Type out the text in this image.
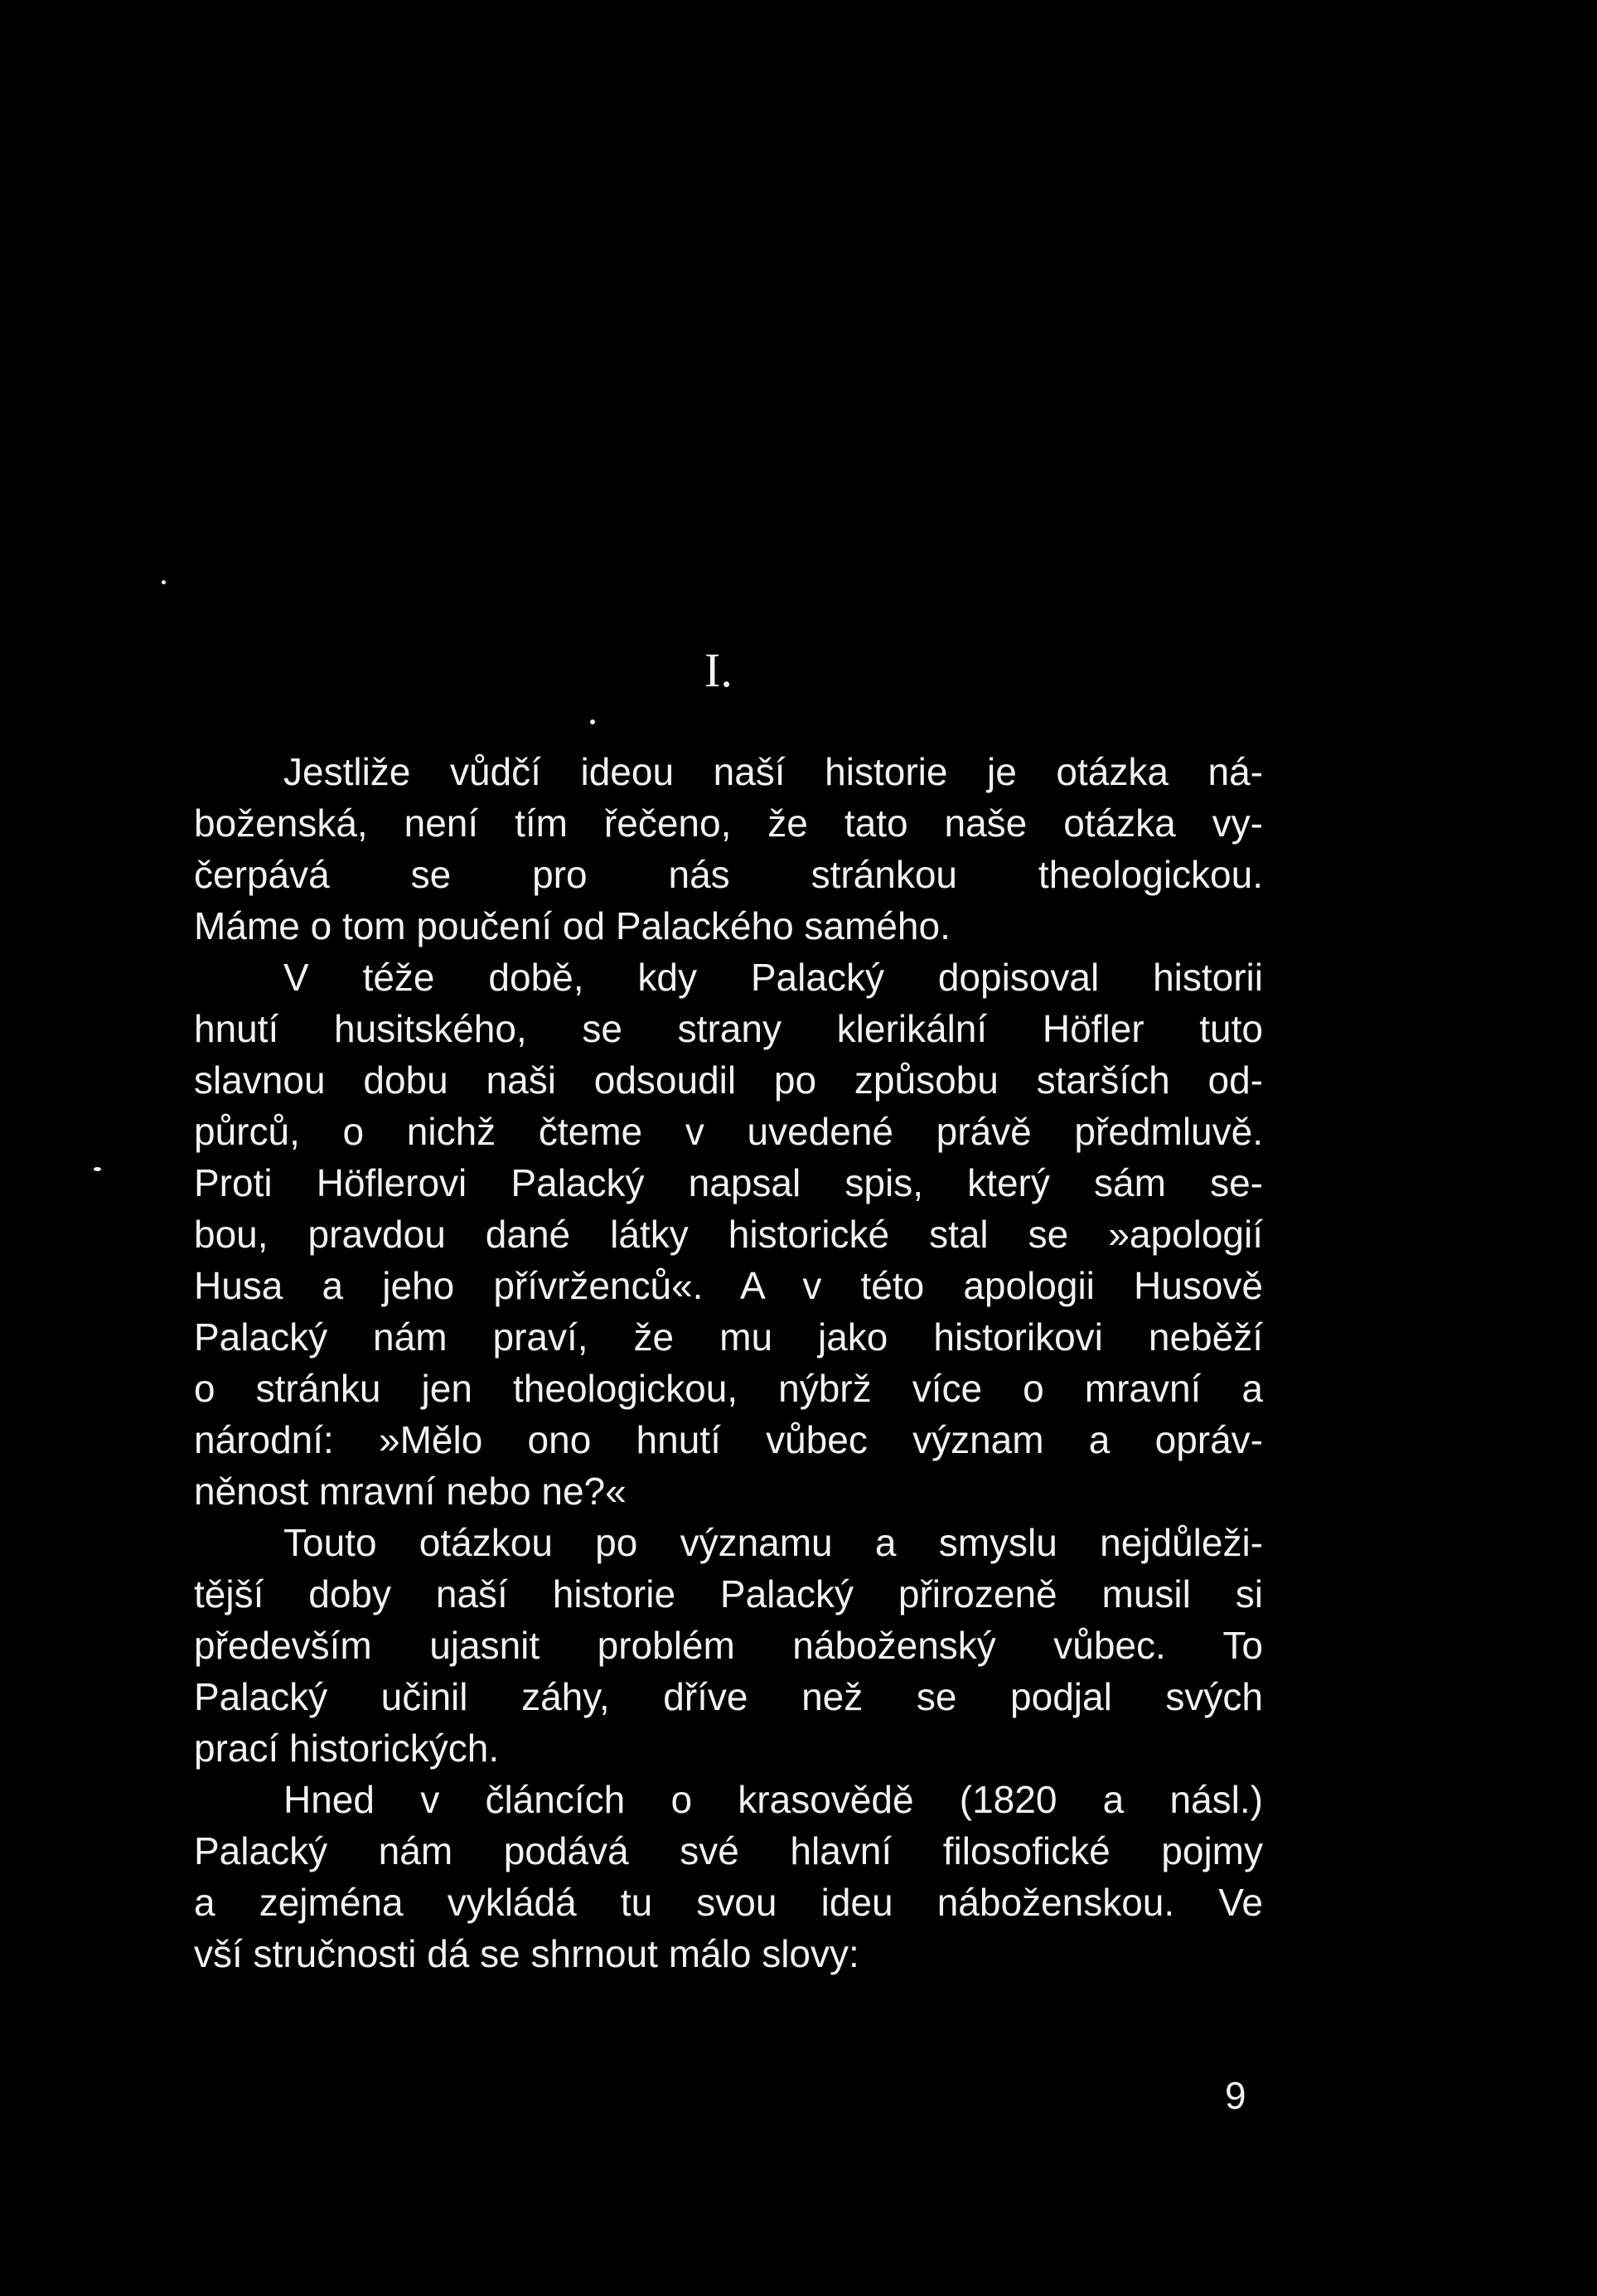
I.
Jestliže vůdčí ideou naší historie je otázka ná-
boženská, není tím řečeno, že tato naše otázka vy-
čerpává se pro nás stránkou theologickou.
Máme o tom poučení od Palackého samého.
V téže době, kdy Palacký dopisoval historii
hnutí husitského, se strany klerikální Höfler tuto
slavnou dobu naši odsoudil po způsobu starších od-
půrců, o nichž čteme v uvedené právě předmluvě.
Proti Höflerovi Palacký napsal spis, který sám se-
bou, pravdou dané látky historické stal se »apologií
Husa a jeho přívrženců«. A v této apologii Husově
Palacký nám praví, že mu jako historikovi neběží
o stránku jen theologickou, nýbrž více o mravní a
národní: »Mělo ono hnutí vůbec význam a opráv-
něnost mravní nebo ne?«
Touto otázkou po významu a smyslu nejdůleži-
tější doby naší historie Palacký přirozeně musil si
především ujasnit problém náboženský vůbec. To
Palacký učinil záhy, dříve než se podjal svých
prací historických.
Hned v článcích o krasovědě (1820 a násl.)
Palacký nám podává své hlavní filosofické pojmy
a zejména vykládá tu svou ideu náboženskou. Ve
vší stručnosti dá se shrnout málo slovy:
9
